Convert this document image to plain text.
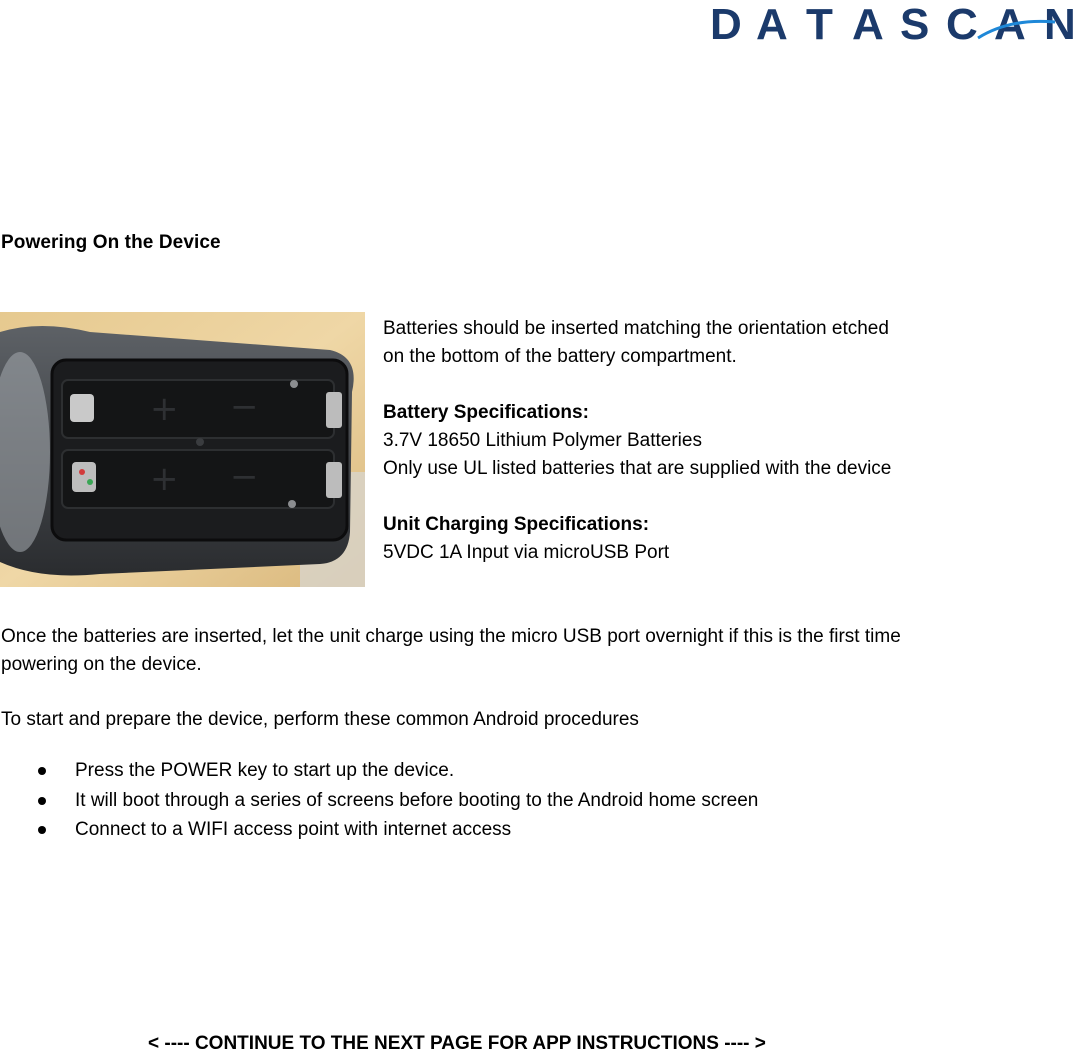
D A T A S C A N
Powering On the Device
+ −
+ −

Batteries should be inserted matching the orientation etched

on the bottom of the battery compartment.

Battery Specifications:

3.7V 18650 Lithium Polymer Batteries

Only use UL listed batteries that are supplied with the device

Unit Charging Specifications:

5VDC 1A Input via microUSB Port

Once the batteries are inserted, let the unit charge using the micro USB port overnight if this is the first time powering on the device.

To start and prepare the device, perform these common Android procedures

Press the POWER key to start up the device.
It will boot through a series of screens before booting to the Android home screen
Connect to a WIFI access point with internet access
< ---- CONTINUE TO THE NEXT PAGE FOR APP INSTRUCTIONS ---- >
